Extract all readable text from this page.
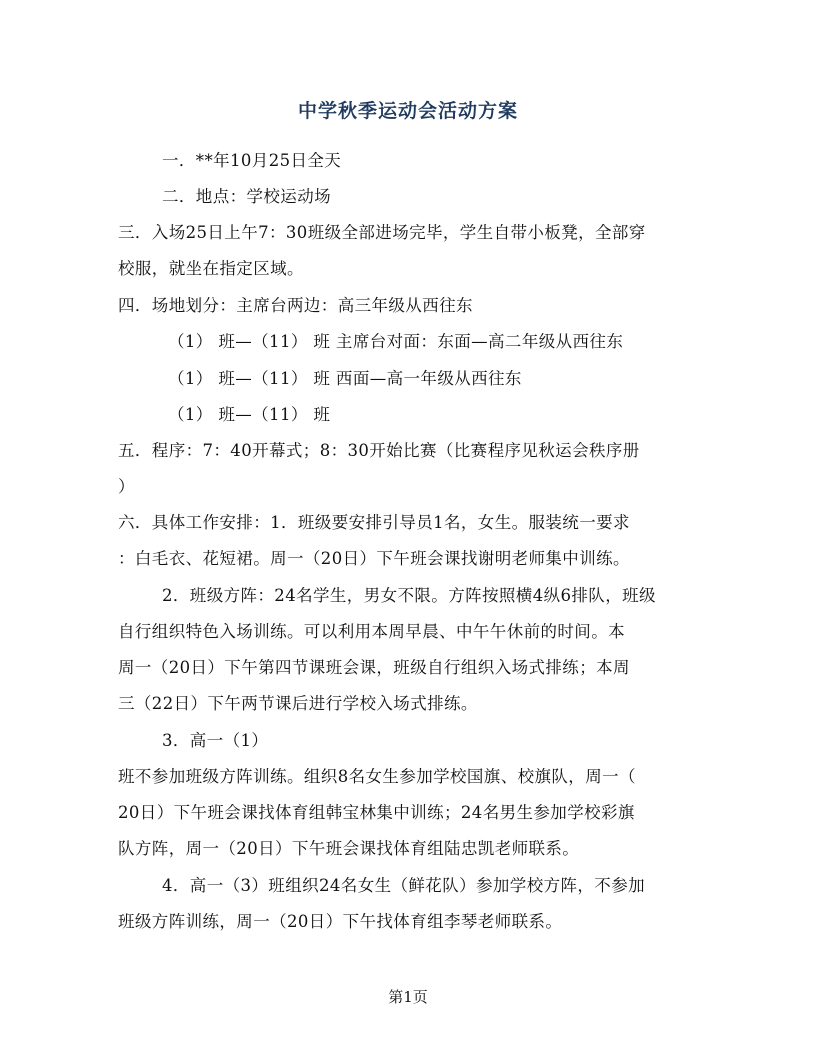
中学秋季运动会活动方案
一．**年10月25日全天
二．地点：学校运动场
三．入场25日上午7：30班级全部进场完毕，学生自带小板凳，全部穿
校服，就坐在指定区域。
四．场地划分：主席台两边：高三年级从西往东
（1） 班—（11） 班 主席台对面：东面—高二年级从西往东
（1） 班—（11） 班 西面—高一年级从西往东
（1） 班—（11） 班
五．程序：7：40开幕式；8：30开始比赛（比赛程序见秋运会秩序册
）
六．具体工作安排：1．班级要安排引导员1名，女生。服装统一要求
：白毛衣、花短裙。周一（20日）下午班会课找谢明老师集中训练。
2．班级方阵：24名学生，男女不限。方阵按照横4纵6排队，班级
自行组织特色入场训练。可以利用本周早晨、中午午休前的时间。本
周一（20日）下午第四节课班会课，班级自行组织入场式排练；本周
三（22日）下午两节课后进行学校入场式排练。
3．高一（1）
班不参加班级方阵训练。组织8名女生参加学校国旗、校旗队，周一（
20日）下午班会课找体育组韩宝林集中训练；24名男生参加学校彩旗
队方阵，周一（20日）下午班会课找体育组陆忠凯老师联系。
4．高一（3）班组织24名女生（鲜花队）参加学校方阵，不参加
班级方阵训练，周一（20日）下午找体育组李琴老师联系。
第1页
